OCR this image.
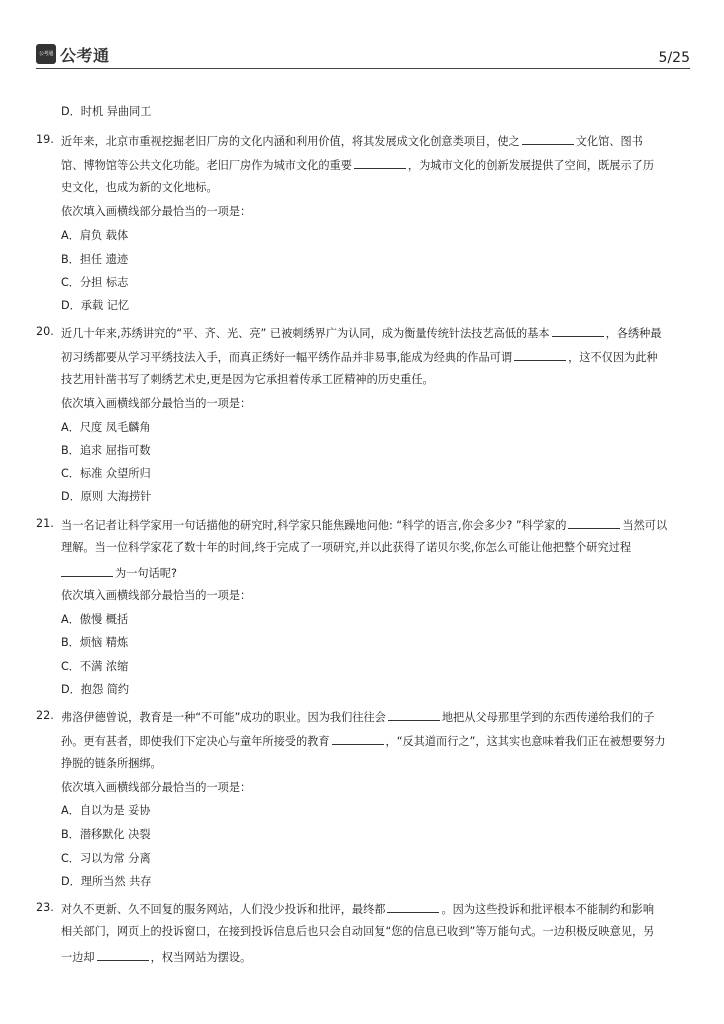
公考通 公考通	5/25
D．时机 异曲同工
19. 近年来，北京市重视挖掘老旧厂房的文化内涵和利用价值，将其发展成文化创意类项目，使之	文化馆、图书
馆、博物馆等公共文化功能。老旧厂房作为城市文化的重要	，为城市文化的创新发展提供了空间，既展示了历
史文化，也成为新的文化地标。
依次填入画横线部分最恰当的一项是：
A．肩负 载体
B．担任 遗迹
C．分担 标志
D．承载 记忆
20. 近几十年来,苏绣讲究的“平、齐、光、亮” 已被刺绣界广为认同，成为衡量传统针法技艺高低的基本	，各绣种最
初习绣都要从学习平绣技法入手，而真正绣好一幅平绣作品并非易事,能成为经典的作品可谓	，这不仅因为此种
技艺用针凿书写了刺绣艺术史,更是因为它承担着传承工匠精神的历史重任。
依次填入画横线部分最恰当的一项是：
A．尺度 凤毛麟角
B．追求 屈指可数
C．标准 众望所归
D．原则 大海捞针
21. 当一名记者让科学家用一句话描他的研究时,科学家只能焦躁地问他: “科学的语言,你会多少? ”科学家的	当然可以
理解。当一位科学家花了数十年的时间,终于完成了一项研究,并以此获得了诺贝尔奖,你怎么可能让他把整个研究过程
为一句话呢?
依次填入画横线部分最恰当的一项是：
A．傲慢 概括
B．烦恼 精炼
C．不满 浓缩
D．抱怨 简约
22. 弗洛伊德曾说，教育是一种“不可能”成功的职业。因为我们往往会	地把从父母那里学到的东西传递给我们的子
孙。更有甚者，即使我们下定决心与童年所接受的教育	，“反其道而行之”，这其实也意味着我们正在被想要努力
挣脱的链条所捆绑。
依次填入画横线部分最恰当的一项是：
A．自以为是 妥协
B．潜移默化 决裂
C．习以为常 分离
D．理所当然 共存
23. 对久不更新、久不回复的服务网站，人们没少投诉和批评，最终都	。因为这些投诉和批评根本不能制约和影响
相关部门，网页上的投诉窗口，在接到投诉信息后也只会自动回复“您的信息已收到”等万能句式。一边积极反映意见，另
一边却	，权当网站为摆设。
